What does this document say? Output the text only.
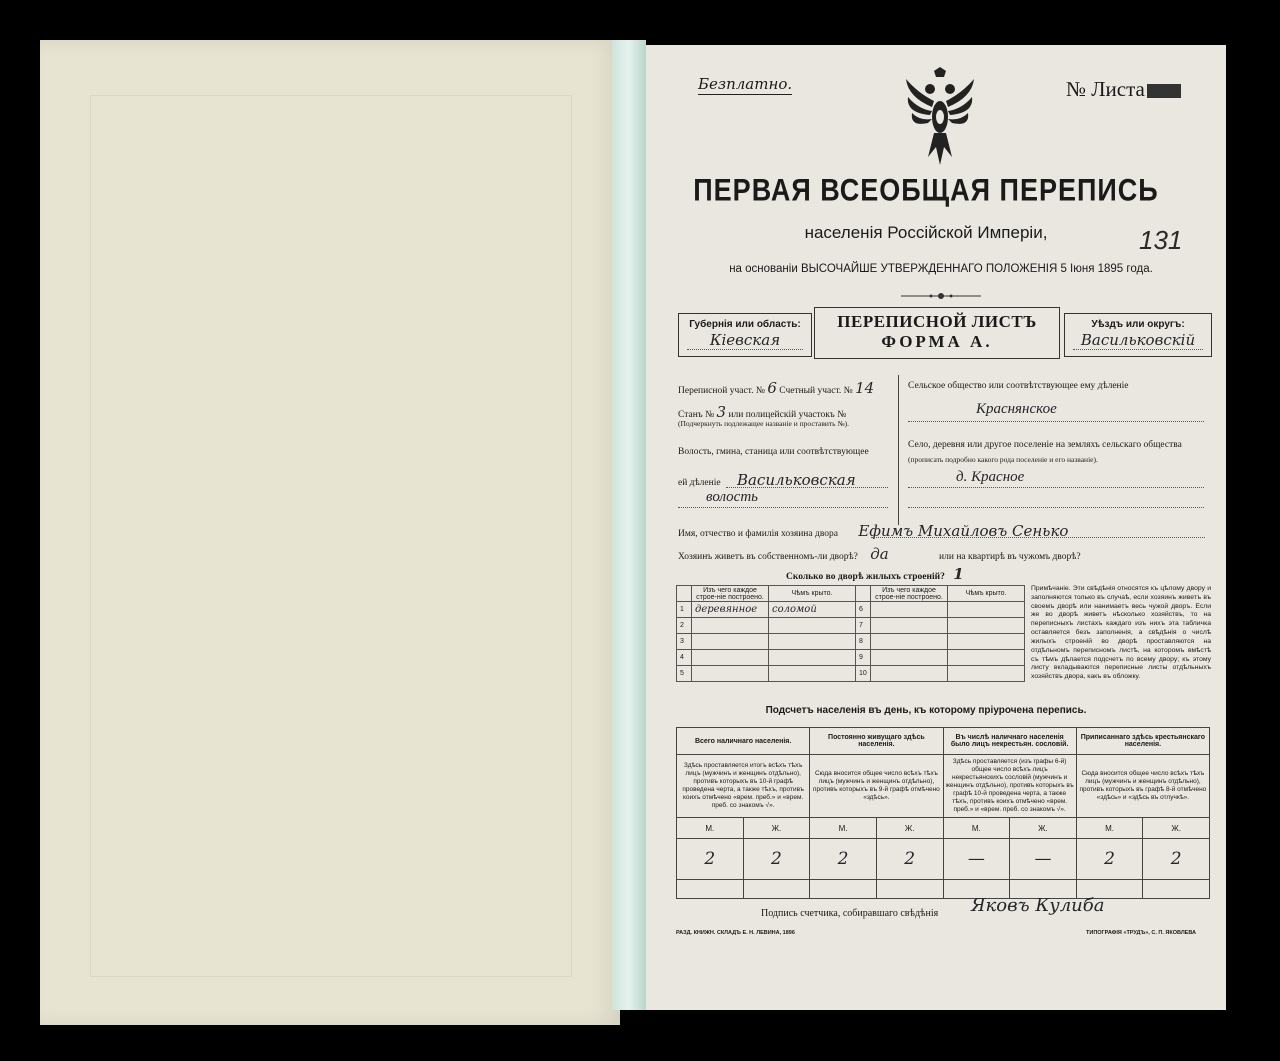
Безплатно.	№ Листа
ПЕРВАЯ ВСЕОБЩАЯ ПЕРЕПИСЬ
населенія Россійской Имперіи,	131
на основаніи ВЫСОЧАЙШЕ УТВЕРЖДЕННАГО ПОЛОЖЕНІЯ 5 Іюня 1895 года.
Губернія или область:
Кіевская
ПЕРЕПИСНОЙ ЛИСТЪ
ФОРМА А.
Уѣздъ или округъ:
Васильковскій
Переписной участ. № 6 Счетный участ. № 14
Станъ № 3 или полицейскій участокъ №
(Подчеркнуть подлежащее названіе и проставить №).
Волость, гмина, станица или соотвѣтствующее
ей дѣленіе Васильковская
волость
Сельское общество или соотвѣтствующее ему дѣленіе
Краснянское
Село, деревня или другое поселеніе на земляхъ сельскаго общества
(прописать подробно какого рода поселеніе и его названіе).
д. Красное
Имя, отчество и фамилія хозяина двора Ефимъ Михайловъ Сенько
Хозяинъ живетъ въ собственномъ-ли дворѣ? да	или на квартирѣ въ чужомъ дворѣ?
Сколько во дворѣ жилыхъ строеній? 1
	Изъ чего каждое строе-ніе построено.	Чѣмъ крыто.		Изъ чего каждое строе-ніе построено.	Чѣмъ крыто.
1	деревянное	соломой	6		
2			7		
3			8		
4			9		
5			10		
Примѣчаніе. Эти свѣдѣнія относятся къ цѣлому двору и заполняются только въ случаѣ, если хозяинъ живетъ въ своемъ дворѣ или нанимаетъ весь чужой дворъ. Если же во дворѣ живетъ нѣсколько хозяйствъ, то на переписныхъ листахъ каждаго изъ нихъ эта табличка оставляется безъ заполненія, а свѣдѣнія о числѣ жилыхъ строеній во дворѣ проставляются на отдѣльномъ переписномъ листѣ, на которомъ вмѣстѣ съ тѣмъ дѣлается подсчетъ по всему двору; къ этому листу вкладываются переписные листы отдѣльныхъ хозяйствъ двора, какъ въ обложку.
Подсчетъ населенія въ день, къ которому пріурочена перепись.
Всего наличнаго населенія.		Постоянно живущаго здѣсь населенія.		Въ числѣ наличнаго населенія было лицъ некрестьян. сословій.		Приписаннаго здѣсь крестьянскаго населенія.	
Здѣсь проставляется итогъ всѣхъ тѣхъ лицъ (мужчинъ и женщинъ отдѣльно), противъ которыхъ въ 10-й графѣ проведена черта, а также тѣхъ, противъ коихъ отмѣчено «врем. преб.» и «врем. преб. со знакомъ √».		Сюда вносится общее число всѣхъ тѣхъ лицъ (мужчинъ и женщинъ отдѣльно), противъ которыхъ въ 9-й графѣ отмѣчено «здѣсь».		Здѣсь проставляется (изъ графы 6-й) общее число всѣхъ лицъ некрестьянскихъ сословій (мужчинъ и женщинъ отдѣльно), противъ которыхъ въ графѣ 10-й проведена черта, а также тѣхъ, противъ коихъ отмѣчено «врем. преб.» и «врем. преб. со знакомъ √».		Сюда вносится общее число всѣхъ тѣхъ лицъ (мужчинъ и женщинъ отдѣльно), противъ которыхъ въ графѣ 8-й отмѣчено «здѣсь» и «здѣсь въ отлучкѣ».	
М.	Ж.	М.	Ж.	М.	Ж.	М.	Ж.
2	2	2	2	—	—	2	2

Подпись счетчика, собиравшаго свѣдѣнія Яковъ Кулиба
РАЗД. КНИЖН. СКЛАДЪ Е. Н. ЛЕВИНА, 1896	ТИПОГРАФІЯ «ТРУДЪ», С. П. ЯКОВЛЕВА
